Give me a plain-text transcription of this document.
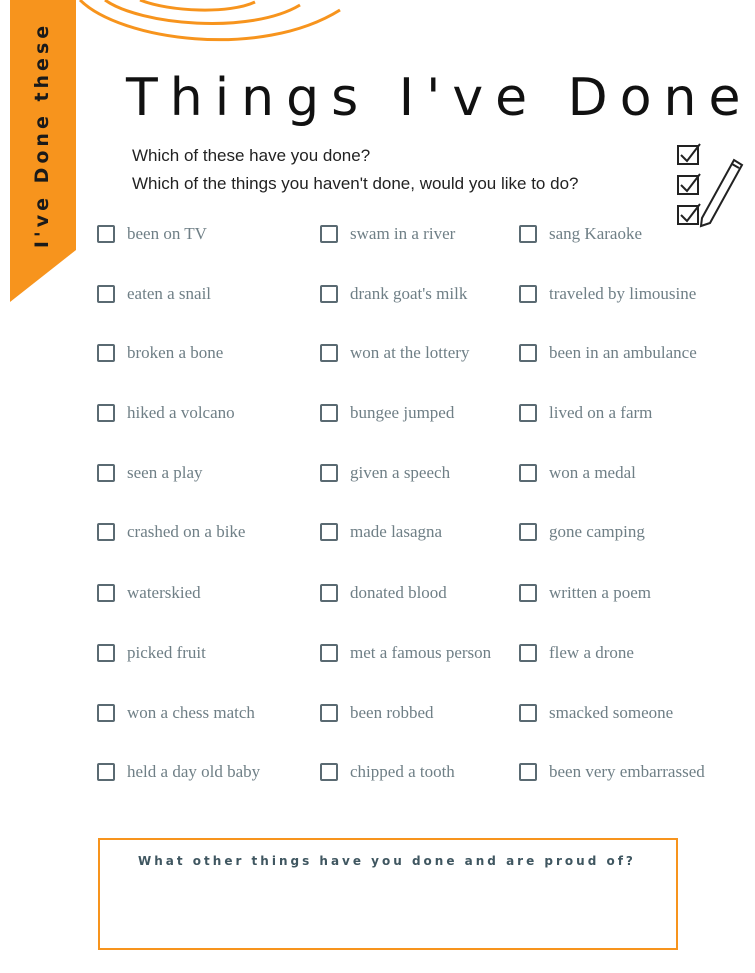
I've Done these Things I've Done
Which of these have you done?
Which of the things you haven't done, would you like to do?
been on TV
eaten a snail
broken a bone
hiked a volcano
seen a play
crashed on a bike
waterskied
picked fruit
won a chess match
held a day old baby
swam in a river
drank goat's milk
won at the lottery
bungee jumped
given a speech
made lasagna
donated blood
met a famous person
been robbed
chipped a tooth
sang Karaoke
traveled by limousine
been in an ambulance
lived on a farm
won a medal
gone camping
written a poem
flew a drone
smacked someone
been very embarrassed
What other things have you done and are proud of?
